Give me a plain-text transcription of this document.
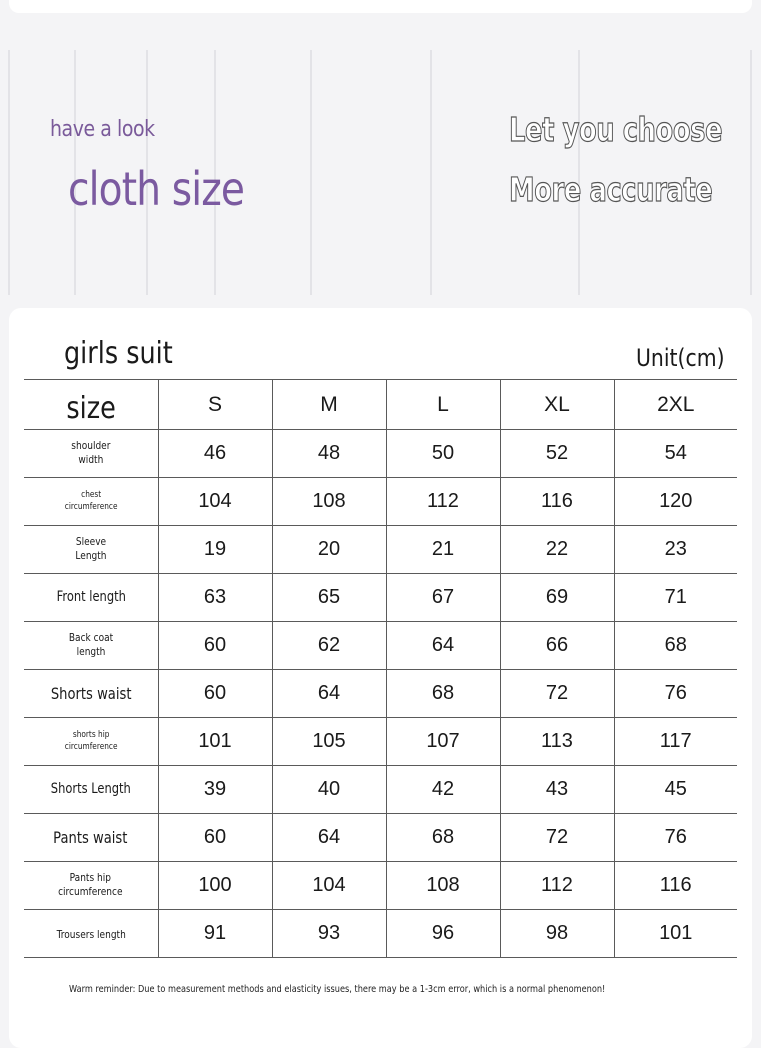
have a look
cloth size
Let you choose
More accurate
girls suit	Unit(cm)
size	S	M	L	XL	2XL
shoulder
width	46	48	50	52	54
chest
circumference	104	108	112	116	120
Sleeve
Length	19	20	21	22	23
Front length	63	65	67	69	71
Back coat
length	60	62	64	66	68
Shorts waist	60	64	68	72	76
shorts hip
circumference	101	105	107	113	117
Shorts Length	39	40	42	43	45
Pants waist	60	64	68	72	76
Pants hip
circumference	100	104	108	112	116
Trousers length	91	93	96	98	101
Warm reminder: Due to measurement methods and elasticity issues, there may be a 1-3cm error, which is a normal phenomenon!
